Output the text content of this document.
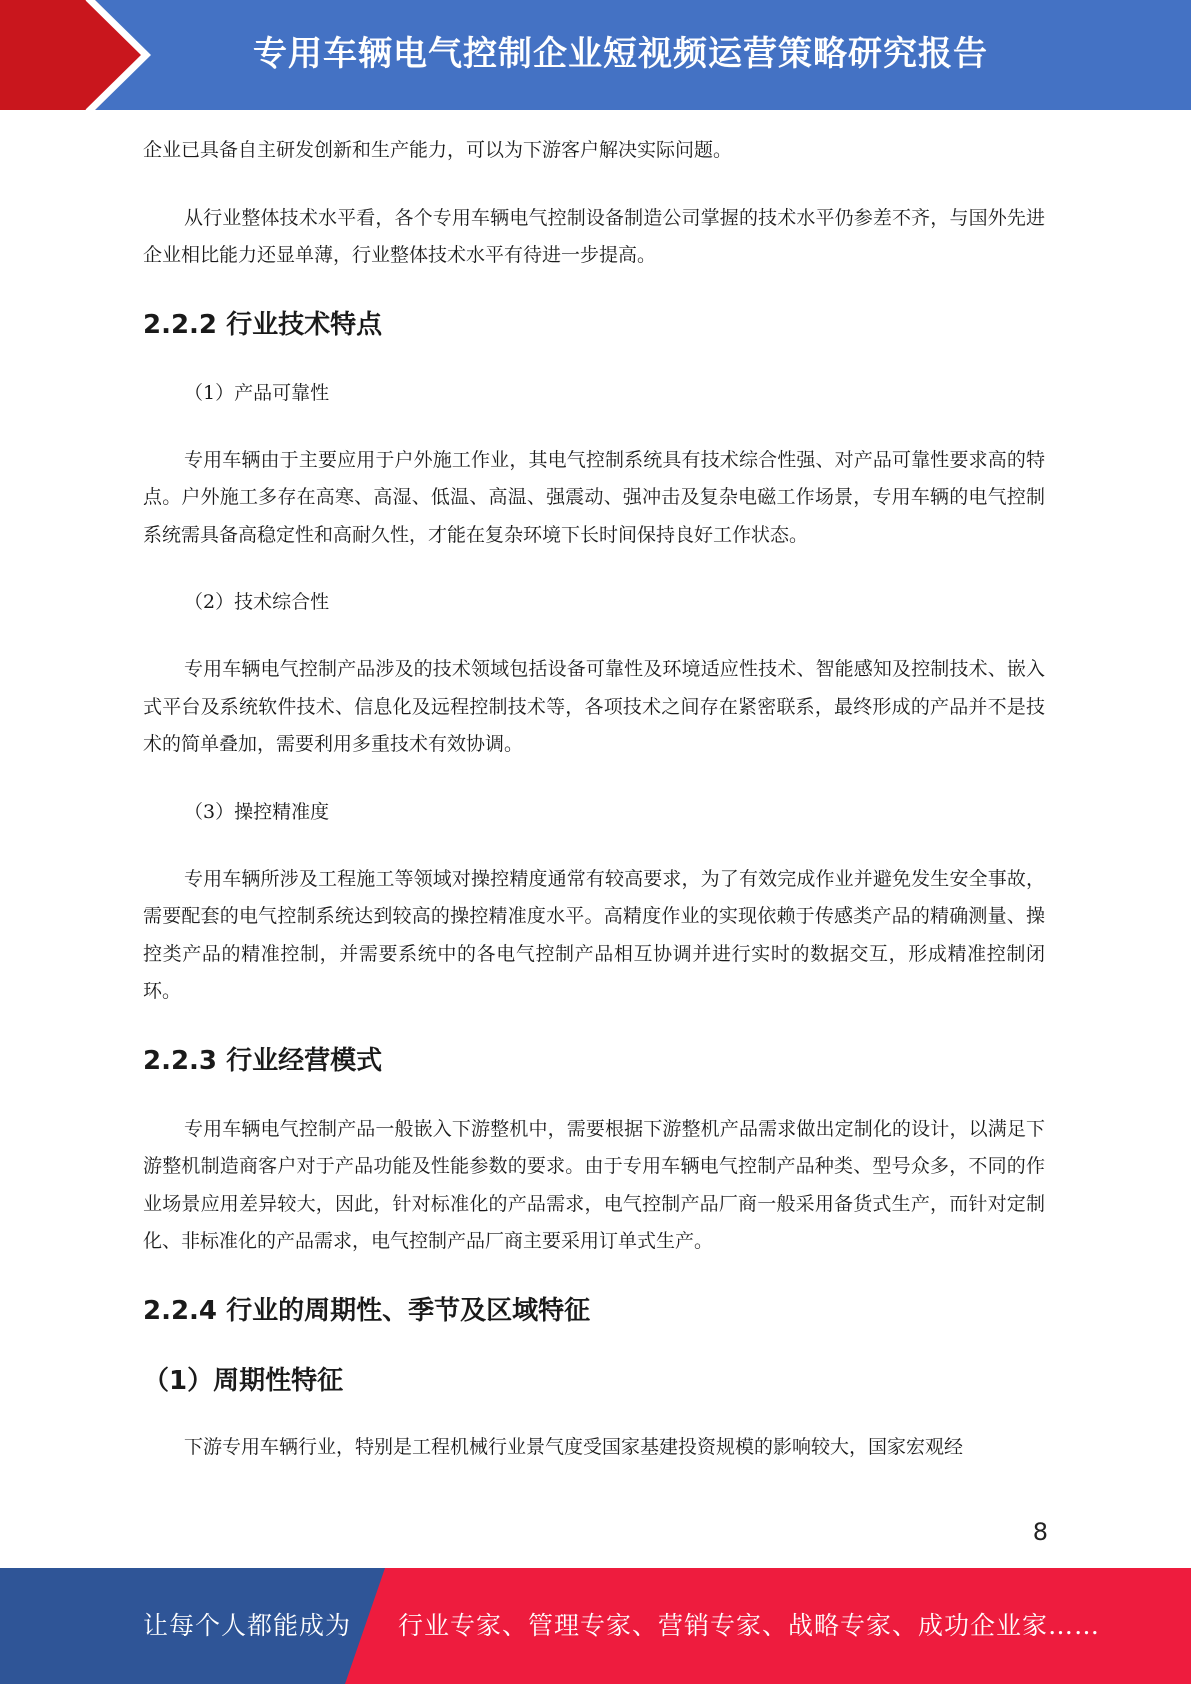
专用车辆电气控制企业短视频运营策略研究报告

企业已具备自主研发创新和生产能力，可以为下游客户解决实际问题。

从行业整体技术水平看，各个专用车辆电气控制设备制造公司掌握的技术水平仍参差不齐，与国外先进企业相比能力还显单薄，行业整体技术水平有待进一步提高。

2.2.2 行业技术特点
（1）产品可靠性

专用车辆由于主要应用于户外施工作业，其电气控制系统具有技术综合性强、对产品可靠性要求高的特点。户外施工多存在高寒、高湿、低温、高温、强震动、强冲击及复杂电磁工作场景，专用车辆的电气控制系统需具备高稳定性和高耐久性，才能在复杂环境下长时间保持良好工作状态。

（2）技术综合性

专用车辆电气控制产品涉及的技术领域包括设备可靠性及环境适应性技术、智能感知及控制技术、嵌入式平台及系统软件技术、信息化及远程控制技术等，各项技术之间存在紧密联系，最终形成的产品并不是技术的简单叠加，需要利用多重技术有效协调。

（3）操控精准度

专用车辆所涉及工程施工等领域对操控精度通常有较高要求，为了有效完成作业并避免发生安全事故，需要配套的电气控制系统达到较高的操控精准度水平。高精度作业的实现依赖于传感类产品的精确测量、操控类产品的精准控制，并需要系统中的各电气控制产品相互协调并进行实时的数据交互，形成精准控制闭环。

2.2.3 行业经营模式

专用车辆电气控制产品一般嵌入下游整机中，需要根据下游整机产品需求做出定制化的设计，以满足下游整机制造商客户对于产品功能及性能参数的要求。由于专用车辆电气控制产品种类、型号众多，不同的作业场景应用差异较大，因此，针对标准化的产品需求，电气控制产品厂商一般采用备货式生产，而针对定制化、非标准化的产品需求，电气控制产品厂商主要采用订单式生产。

2.2.4 行业的周期性、季节及区域特征
（1）周期性特征

下游专用车辆行业，特别是工程机械行业景气度受国家基建投资规模的影响较大，国家宏观经

8
让每个人都能成为 行业专家、管理专家、营销专家、战略专家、成功企业家……
